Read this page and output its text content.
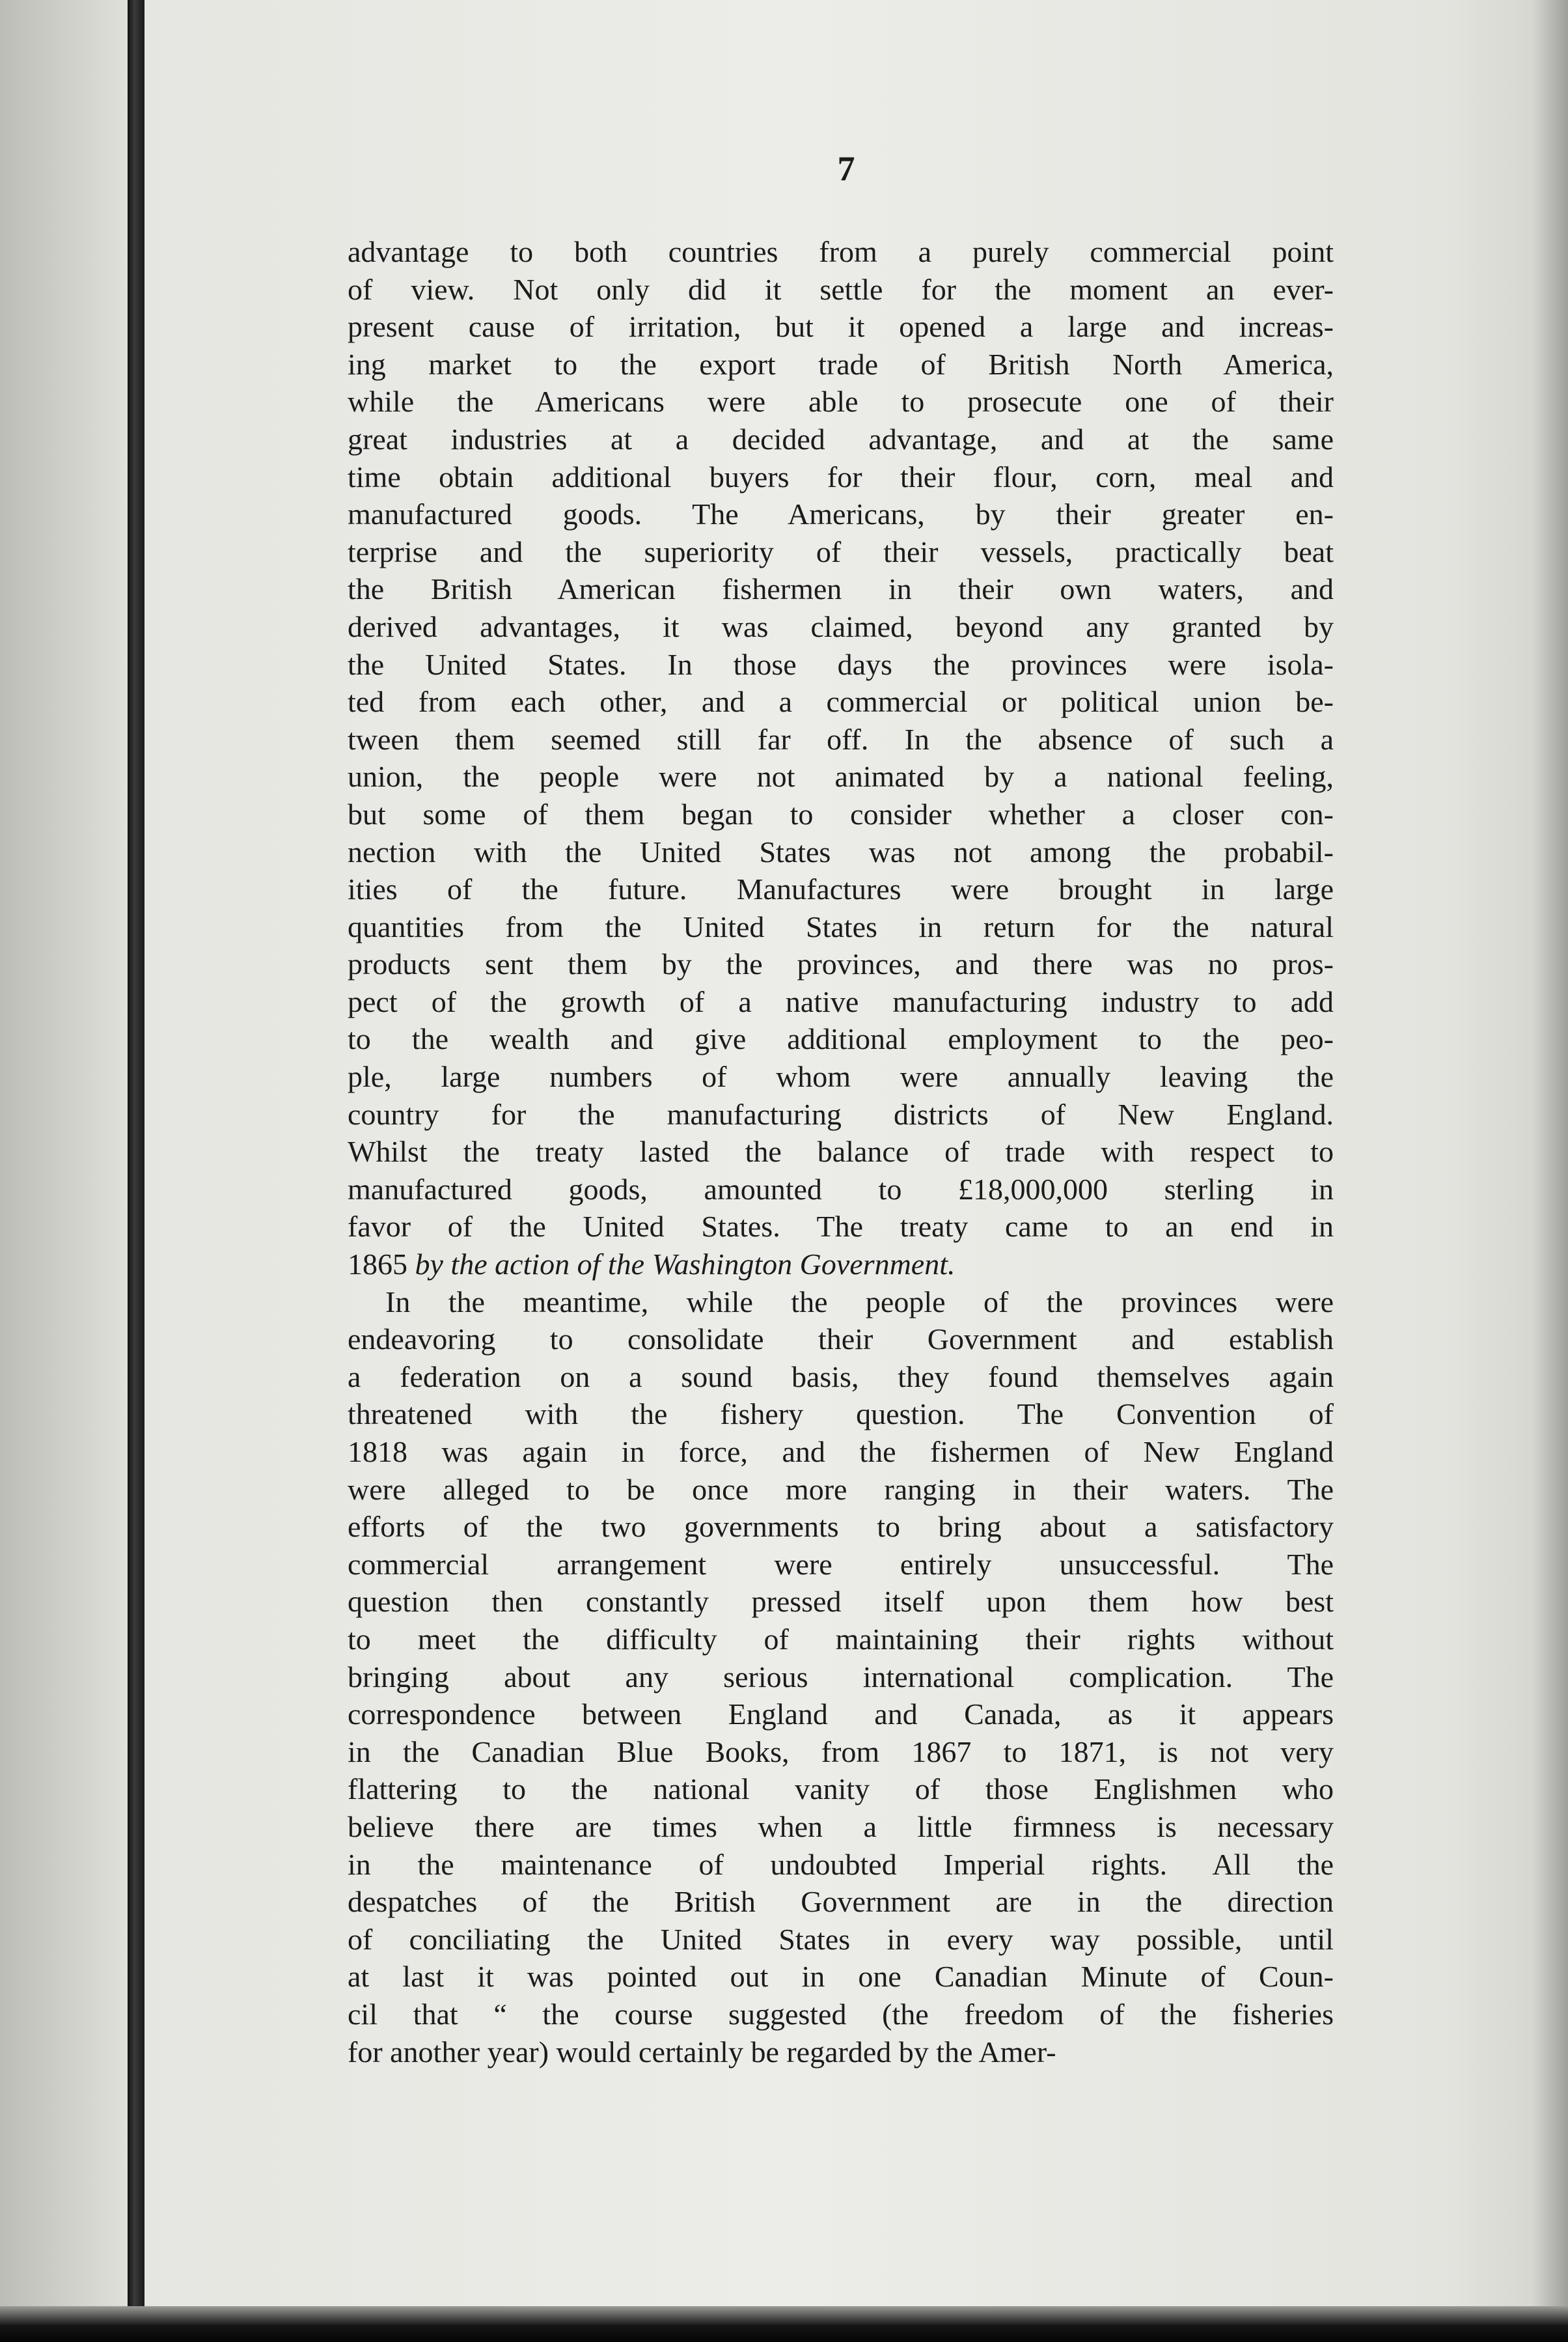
7
advantage to both countries from a purely commercial point
of view. Not only did it settle for the moment an ever-
present cause of irritation, but it opened a large and increas-
ing market to the export trade of British North America,
while the Americans were able to prosecute one of their
great industries at a decided advantage, and at the same
time obtain additional buyers for their flour, corn, meal and
manufactured goods. The Americans, by their greater en-
terprise and the superiority of their vessels, practically beat
the British American fishermen in their own waters, and
derived advantages, it was claimed, beyond any granted by
the United States. In those days the provinces were isola-
ted from each other, and a commercial or political union be-
tween them seemed still far off. In the absence of such a
union, the people were not animated by a national feeling,
but some of them began to consider whether a closer con-
nection with the United States was not among the probabil-
ities of the future. Manufactures were brought in large
quantities from the United States in return for the natural
products sent them by the provinces, and there was no pros-
pect of the growth of a native manufacturing industry to add
to the wealth and give additional employment to the peo-
ple, large numbers of whom were annually leaving the
country for the manufacturing districts of New England.
Whilst the treaty lasted the balance of trade with respect to
manufactured goods, amounted to £18,000,000 sterling in
favor of the United States. The treaty came to an end in
1865 by the action of the Washington Government.
In the meantime, while the people of the provinces were
endeavoring to consolidate their Government and establish
a federation on a sound basis, they found themselves again
threatened with the fishery question. The Convention of
1818 was again in force, and the fishermen of New England
were alleged to be once more ranging in their waters. The
efforts of the two governments to bring about a satisfactory
commercial arrangement were entirely unsuccessful. The
question then constantly pressed itself upon them how best
to meet the difficulty of maintaining their rights without
bringing about any serious international complication. The
correspondence between England and Canada, as it appears
in the Canadian Blue Books, from 1867 to 1871, is not very
flattering to the national vanity of those Englishmen who
believe there are times when a little firmness is necessary
in the maintenance of undoubted Imperial rights. All the
despatches of the British Government are in the direction
of conciliating the United States in every way possible, until
at last it was pointed out in one Canadian Minute of Coun-
cil that “ the course suggested (the freedom of the fisheries
for another year) would certainly be regarded by the Amer-
